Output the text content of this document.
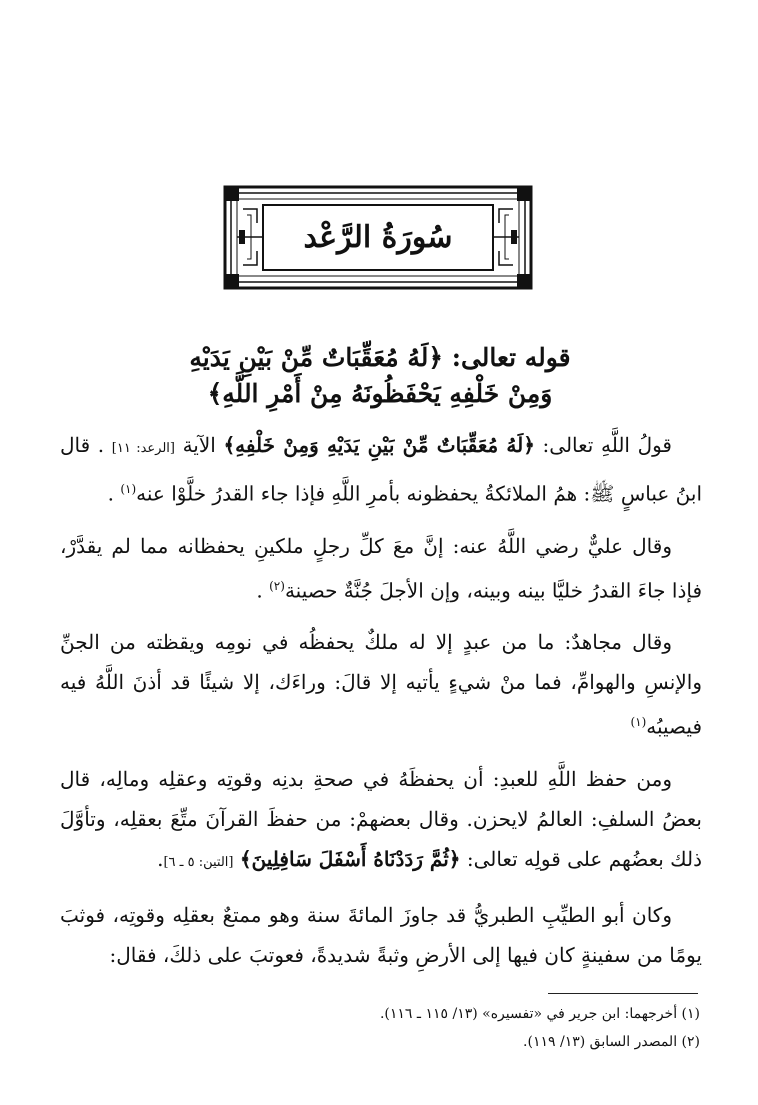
سُورَةُ الرَّعْد
قوله تعالى: ﴿لَهُ مُعَقِّبَاتٌ مِّنْ بَيْنِ يَدَيْهِ
وَمِنْ خَلْفِهِ يَحْفَظُونَهُ مِنْ أَمْرِ اللَّهِ﴾

قولُ اللَّهِ تعالى: ﴿لَهُ مُعَقِّبَاتٌ مِّنْ بَيْنِ يَدَيْهِ وَمِنْ خَلْفِهِ﴾ الآية [الرعد: ١١] . قال ابنُ عباسٍ ﷺ: همُ الملائكةُ يحفظونه بأمرِ اللَّهِ فإذا جاء القدرُ خلَّوْا عنه$^{(١)}$ .

وقال عليٌّ رضي اللَّهُ عنه: إنَّ معَ كلِّ رجلٍ ملكينِ يحفظانه مما لم يقدَّرْ، فإذا جاءَ القدرُ خليَّا بينه وبينه، وإن الأجلَ جُنَّةٌ حصينة$^{(٢)}$ .

وقال مجاهدٌ: ما من عبدٍ إلا له ملكٌ يحفظُه في نومِه ويقظته من الجنِّ والإنسِ والهوامِّ، فما منْ شيءٍ يأتيه إلا قالَ: وراءَك، إلا شيئًا قد أذنَ اللَّهُ فيه فيصيبُه$^{(١)}$

ومن حفظ اللَّهِ للعبدِ: أن يحفظَهُ في صحةِ بدنِه وقوتِه وعقلِه ومالِه، قال بعضُ السلفِ: العالمُ لايحزن. وقال بعضهمْ: من حفظَ القرآنَ متِّعَ بعقلِه، وتأوَّلَ ذلك بعضُهم على قولِه تعالى: ﴿ثُمَّ رَدَدْنَاهُ أَسْفَلَ سَافِلِينَ﴾ [التين: ٥ ـ ٦].

وكان أبو الطيِّبِ الطبريُّ قد جاوزَ المائةَ سنة وهو ممتعٌ بعقلِه وقوتِه، فوثبَ يومًا من سفينةٍ كان فيها إلى الأرضِ وثبةً شديدةً، فعوتبَ على ذلكَ، فقال:

(١) أخرجهما: ابن جرير في «تفسيره» (١٣/ ١١٥ ـ ١١٦).
(٢) المصدر السابق (١٣/ ١١٩).
